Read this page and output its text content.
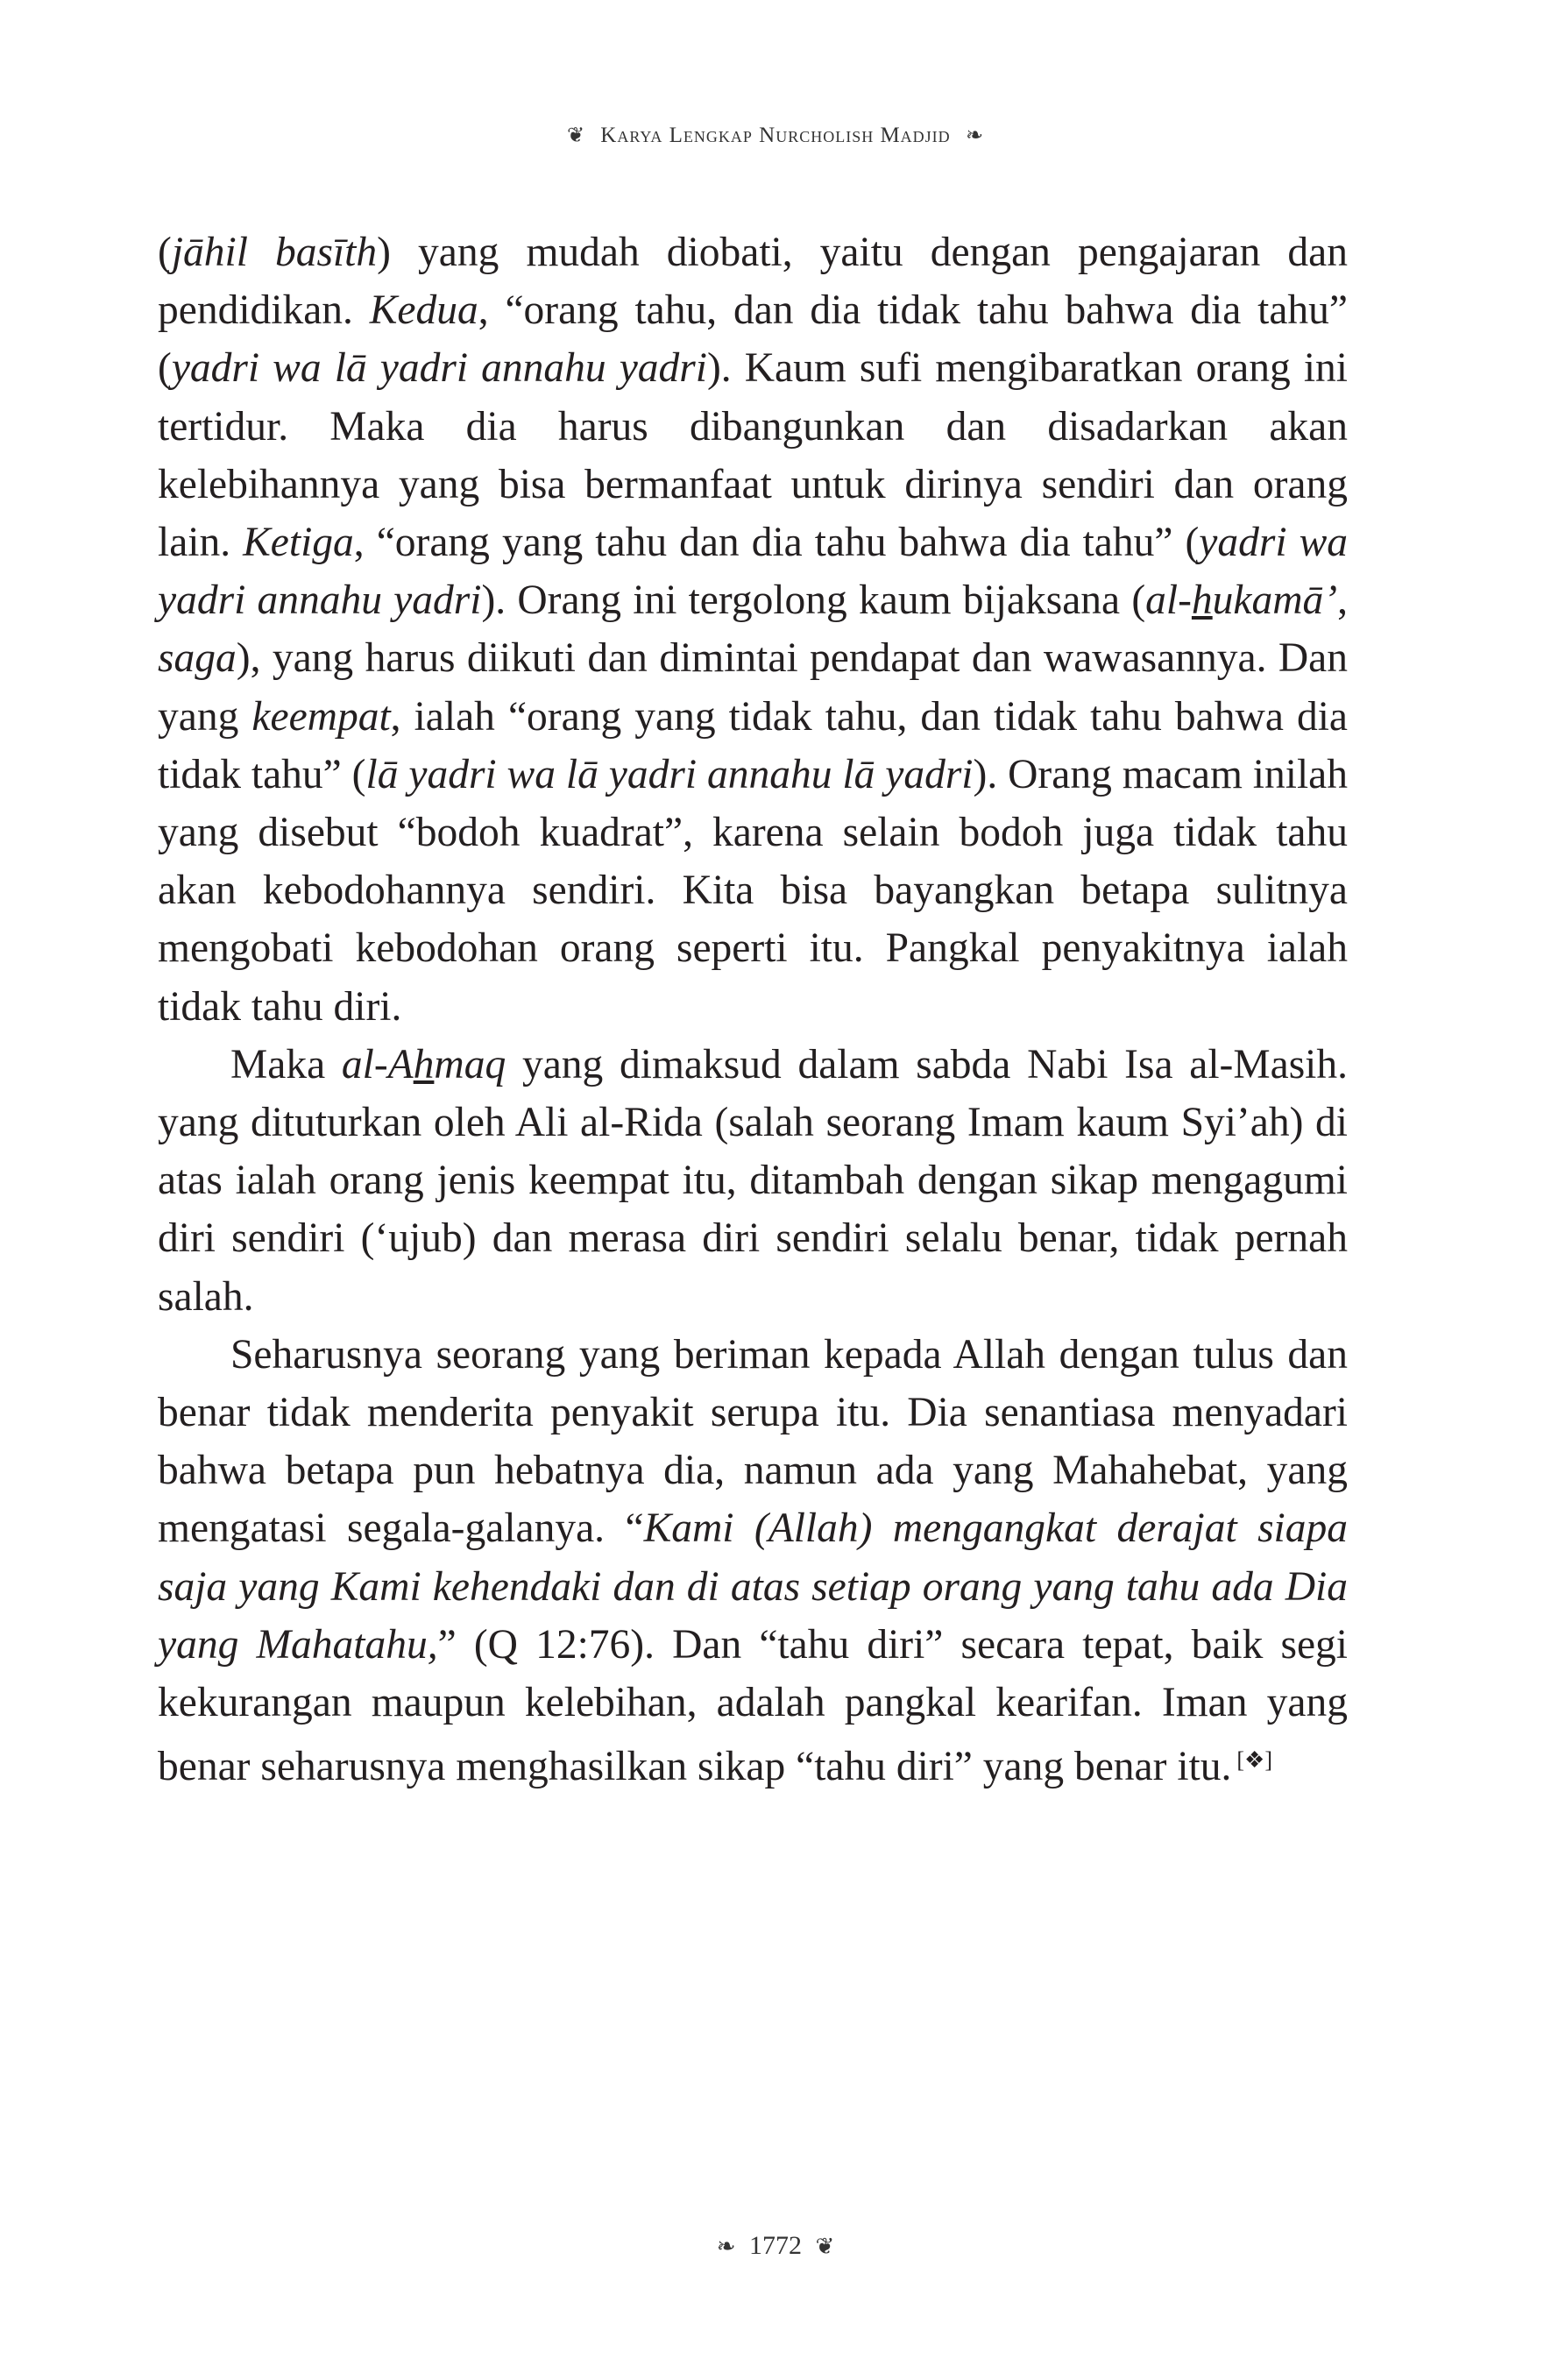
❦ Karya Lengkap Nurcholish Madjid ❧

(jāhil basīth) yang mudah diobati, yaitu dengan pengajaran dan pendidikan. Kedua, “orang tahu, dan dia tidak tahu bahwa dia tahu” (yadri wa lā yadri annahu yadri). Kaum sufi mengibaratkan orang ini tertidur. Maka dia harus dibangunkan dan disadarkan akan kelebihannya yang bisa bermanfaat untuk dirinya sendiri dan orang lain. Ketiga, “orang yang tahu dan dia tahu bahwa dia tahu” (yadri wa yadri annahu yadri). Orang ini tergolong kaum bijaksana (al-hukamā’, saga), yang harus diikuti dan dimintai pendapat dan wawasannya. Dan yang keempat, ialah “orang yang tidak tahu, dan tidak tahu bahwa dia tidak tahu” (lā yadri wa lā yadri annahu lā yadri). Orang macam inilah yang disebut “bodoh kuadrat”, karena selain bodoh juga tidak tahu akan kebodohannya sendiri. Kita bisa bayangkan betapa sulitnya mengobati kebodohan orang seperti itu. Pangkal penyakitnya ialah tidak tahu diri.

Maka al-Ahmaq yang dimaksud dalam sabda Nabi Isa al-Masih. yang dituturkan oleh Ali al-Rida (salah seorang Imam kaum Syi’ah) di atas ialah orang jenis keempat itu, ditambah dengan sikap mengagumi diri sendiri (‘ujub) dan merasa diri sendiri selalu benar, tidak pernah salah.

Seharusnya seorang yang beriman kepada Allah dengan tulus dan benar tidak menderita penyakit serupa itu. Dia senantiasa menyadari bahwa betapa pun hebatnya dia, namun ada yang Mahahebat, yang mengatasi segala-galanya. “Kami (Allah) mengangkat derajat siapa saja yang Kami kehendaki dan di atas setiap orang yang tahu ada Dia yang Mahatahu,” (Q 12:76). Dan “tahu diri” secara tepat, baik segi kekurangan maupun kelebihan, adalah pangkal kearifan. Iman yang benar seharusnya menghasilkan sikap “tahu diri” yang benar itu. [❖]

❧ 1772 ❦
